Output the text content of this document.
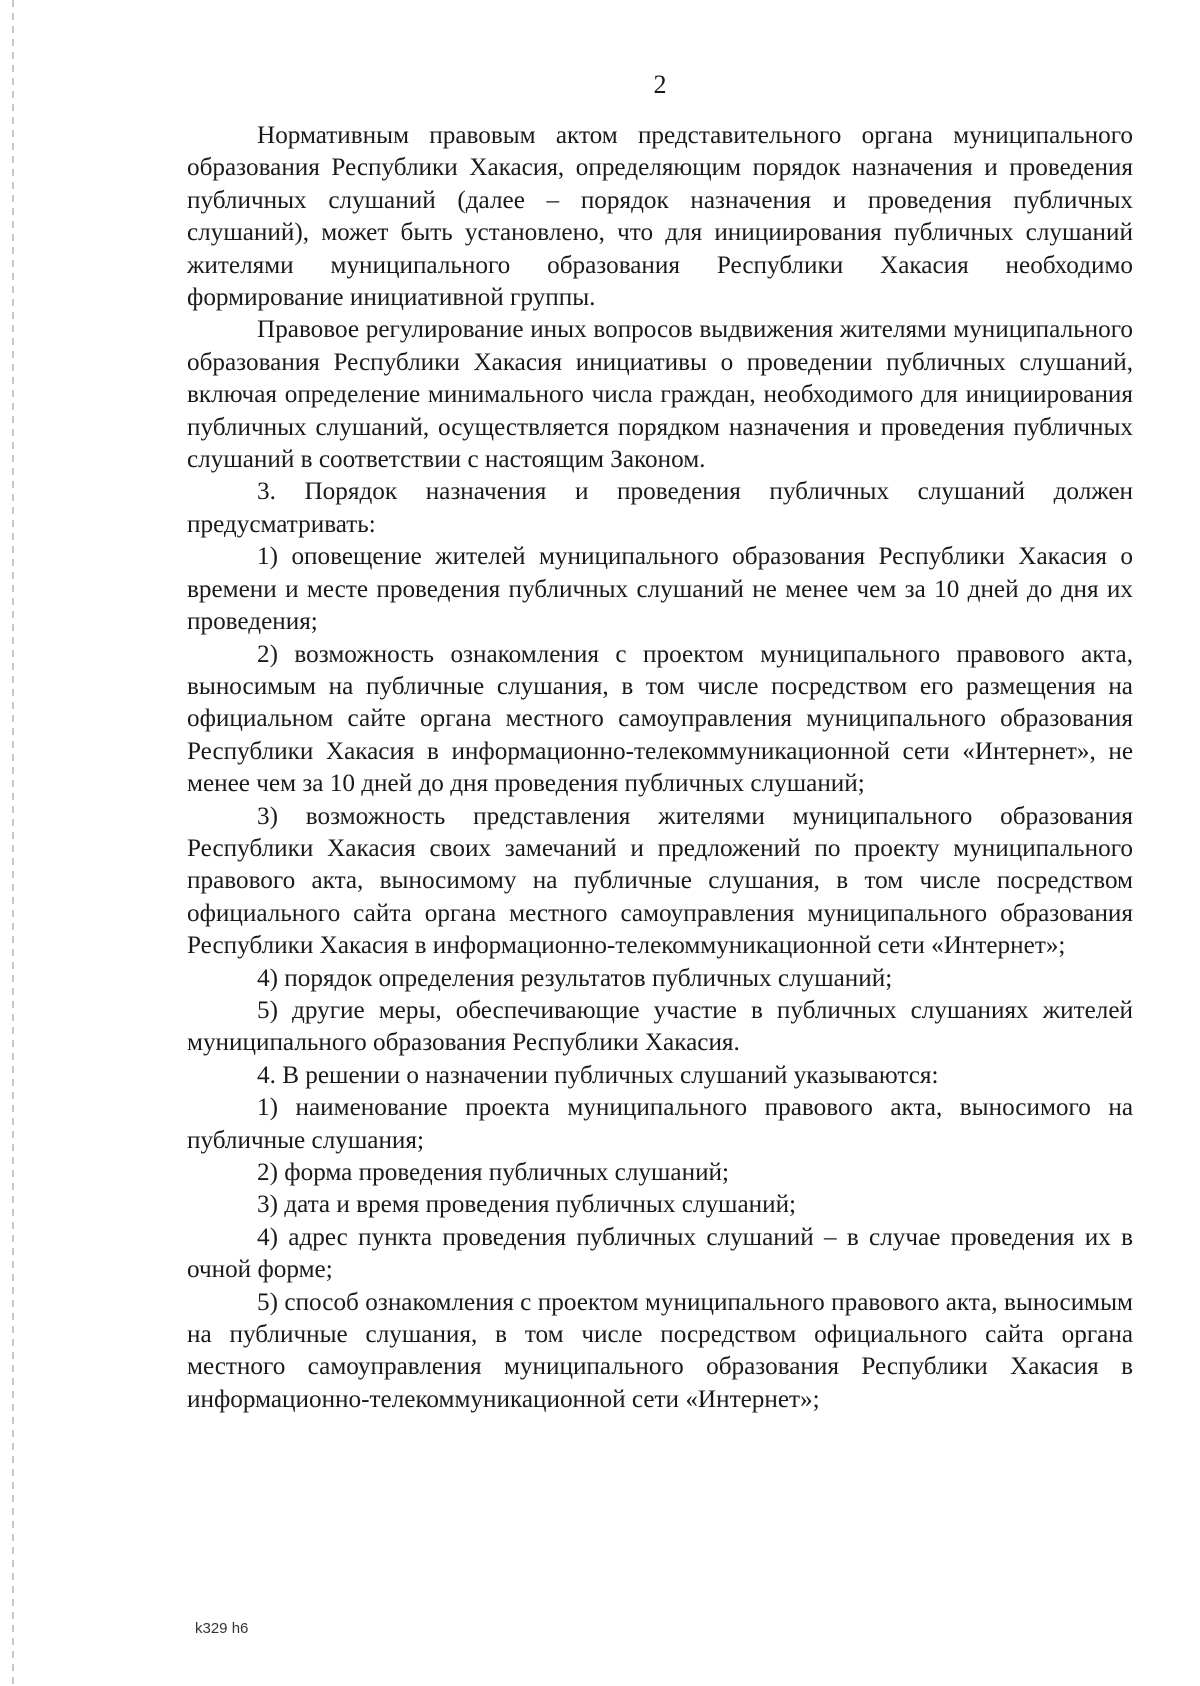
2

Нормативным правовым актом представительного органа муниципального образования Республики Хакасия, определяющим порядок назначения и проведения публичных слушаний (далее – порядок назначения и проведения публичных слушаний), может быть установлено, что для инициирования публичных слушаний жителями муниципального образования Республики Хакасия необходимо формирование инициативной группы.

Правовое регулирование иных вопросов выдвижения жителями муниципального образования Республики Хакасия инициативы о проведении публичных слушаний, включая определение минимального числа граждан, необходимого для инициирования публичных слушаний, осуществляется порядком назначения и проведения публичных слушаний в соответствии с настоящим Законом.

3. Порядок назначения и проведения публичных слушаний должен предусматривать:

1) оповещение жителей муниципального образования Республики Хакасия о времени и месте проведения публичных слушаний не менее чем за 10 дней до дня их проведения;

2) возможность ознакомления с проектом муниципального правового акта, выносимым на публичные слушания, в том числе посредством его размещения на официальном сайте органа местного самоуправления муниципального образования Республики Хакасия в информационно-телекоммуникационной сети «Интернет», не менее чем за 10 дней до дня проведения публичных слушаний;

3) возможность представления жителями муниципального образования Республики Хакасия своих замечаний и предложений по проекту муниципального правового акта, выносимому на публичные слушания, в том числе посредством официального сайта органа местного самоуправления муниципального образования Республики Хакасия в информационно-телекоммуникационной сети «Интернет»;

4) порядок определения результатов публичных слушаний;

5) другие меры, обеспечивающие участие в публичных слушаниях жителей муниципального образования Республики Хакасия.

4. В решении о назначении публичных слушаний указываются:

1) наименование проекта муниципального правового акта, выносимого на публичные слушания;

2) форма проведения публичных слушаний;

3) дата и время проведения публичных слушаний;

4) адрес пункта проведения публичных слушаний – в случае проведения их в очной форме;

5) способ ознакомления с проектом муниципального правового акта, выносимым на публичные слушания, в том числе посредством официального сайта органа местного самоуправления муниципального образования Республики Хакасия в информационно-телекоммуникационной сети «Интернет»;

k329 h6
